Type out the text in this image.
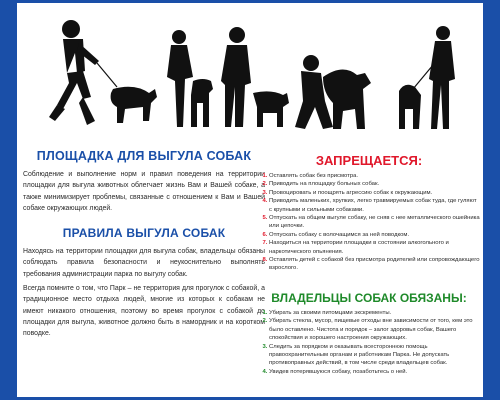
ПЛОЩАДКА ДЛЯ ВЫГУЛА СОБАК

Соблюдение и выполнение норм и правил поведения на территории площадки для выгула животных облегчает жизнь Вам и Вашей собаке, а также минимизирует проблемы, связанные с отношением к Вам и Вашей собаке окружающих людей.

ПРАВИЛА ВЫГУЛА СОБАК

Находясь на территории площадки для выгула собак, владельцы обязаны соблюдать правила безопасности и неукоснительно выполнять требования администрации парка по выгулу собак.

Всегда помните о том, что Парк – не территория для прогулок с собакой, а традиционное место отдыха людей, многие из которых к собакам не имеют никакого отношения, поэтому во время прогулок с собакой до площадки для выгула, животное должно быть в намордник и на коротком поводке.

ЗАПРЕЩАЕТСЯ:
1. Оставлять собак без присмотра.
2. Приводить на площадку больных собак.
3. Провоцировать и поощрять агрессию собак к окружающим.
4. Приводить маленьких, хрупких, легко травмируемых собак туда, где гуляют с крупными и сильными собаками.
5. Отпускать на общем выгуле собаку, не сняв с нее металлического ошейника или цепочки.
6. Отпускать собаку с волочащимся за ней поводком.
7. Находиться на территории площадки в состоянии алкогольного и наркотического опьянения.
8. Оставлять детей с собакой без присмотра родителей или сопровождающего взрослого.
ВЛАДЕЛЬЦЫ СОБАК ОБЯЗАНЫ:
1. Убирать за своими питомцами экскременты.
2. Убирать стекла, мусор, пищевые отходы вне зависимости от того, кем это было оставлено. Чистота и порядок – залог здоровья собак, Вашего спокойствия и хорошего настроения окружающих.
3. Следить за порядком и оказывать всестороннюю помощь правоохранительным органам и работникам Парка. Не допускать противоправных действий, в том числе среди владельцев собак.
4. Увидев потерявшуюся собаку, позаботьтесь о ней.
